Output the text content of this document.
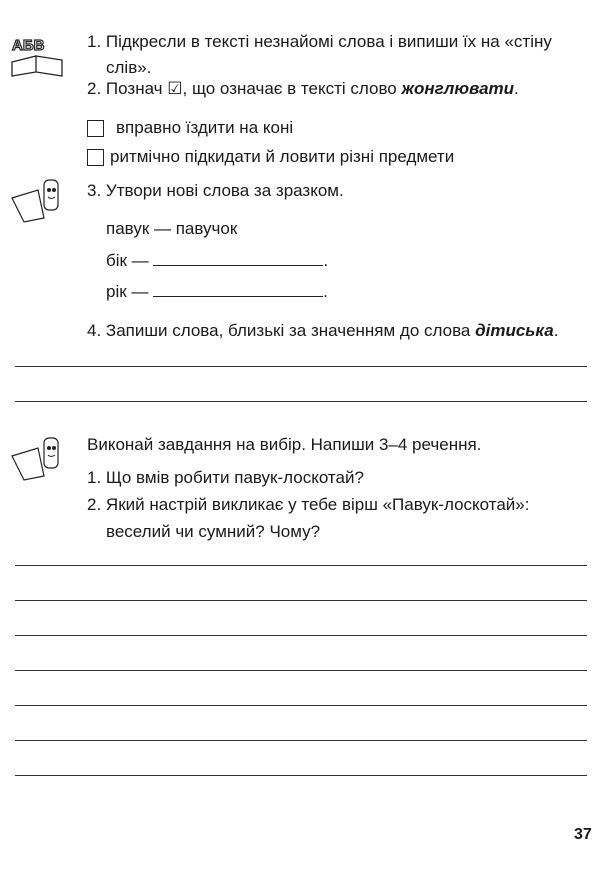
АБВ	1. Підкресли в тексті незнайомі слова і випиши їх на «стіну
слів».
2. Познач ☑, що означає в тексті слово жонглювати.
вправно їздити на коні
ритмічно підкидати й ловити різні предмети
3. Утвори нові слова за зразком.
павук — павучок
бік —	.
рік —	.
4. Запиши слова, близькі за значенням до слова дітиська.
Виконай завдання на вибір. Напиши 3–4 речення.
1. Що вмів робити павук-лоскотай?
2. Який настрій викликає у тебе вірш «Павук-лоскотай»:
веселий чи сумний? Чому?
37
